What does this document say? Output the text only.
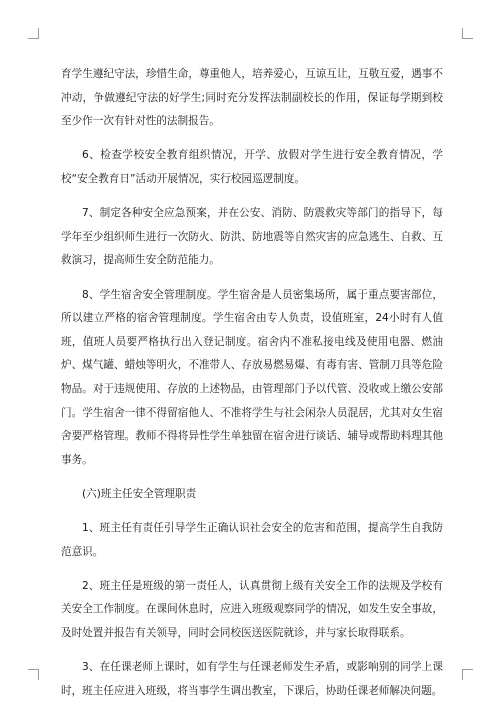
育学生遵纪守法，珍惜生命，尊重他人，培养爱心，互谅互让，互敬互爱，遇事不冲动，争做遵纪守法的好学生;同时充分发挥法制副校长的作用，保证每学期到校至少作一次有针对性的法制报告。

6、检查学校安全教育组织情况，开学、放假对学生进行安全教育情况，学校“安全教育日”活动开展情况，实行校园巡逻制度。

7、制定各种安全应急预案，并在公安、消防、防震救灾等部门的指导下，每学年至少组织师生进行一次防火、防洪、防地震等自然灾害的应急逃生、自救、互救演习，提高师生安全防范能力。

8、学生宿舍安全管理制度。学生宿舍是人员密集场所，属于重点要害部位，所以建立严格的宿舍管理制度。学生宿舍由专人负责，设值班室，24小时有人值班，值班人员要严格执行出入登记制度。宿舍内不准私接电线及使用电器、燃油炉、煤气罐、蜡烛等明火，不准带人、存放易燃易爆、有毒有害、管制刀具等危险物品。对于违规使用、存放的上述物品，由管理部门予以代管、没收或上缴公安部门。学生宿舍一律不得留宿他人、不准将学生与社会闲杂人员混居，尤其对女生宿舍要严格管理。教师不得将异性学生单独留在宿舍进行谈话、辅导或帮助料理其他事务。

(六)班主任安全管理职责

1、班主任有责任引导学生正确认识社会安全的危害和范围，提高学生自我防范意识。

2、班主任是班级的第一责任人，认真贯彻上级有关安全工作的法规及学校有关安全工作制度。在课间休息时，应进入班级观察同学的情况，如发生安全事故，及时处置并报告有关领导，同时会同校医送医院就诊，并与家长取得联系。

3、在任课老师上课时，如有学生与任课老师发生矛盾，或影响别的同学上课时，班主任应进入班级，将当事学生调出教室，下课后，协助任课老师解决问题。
